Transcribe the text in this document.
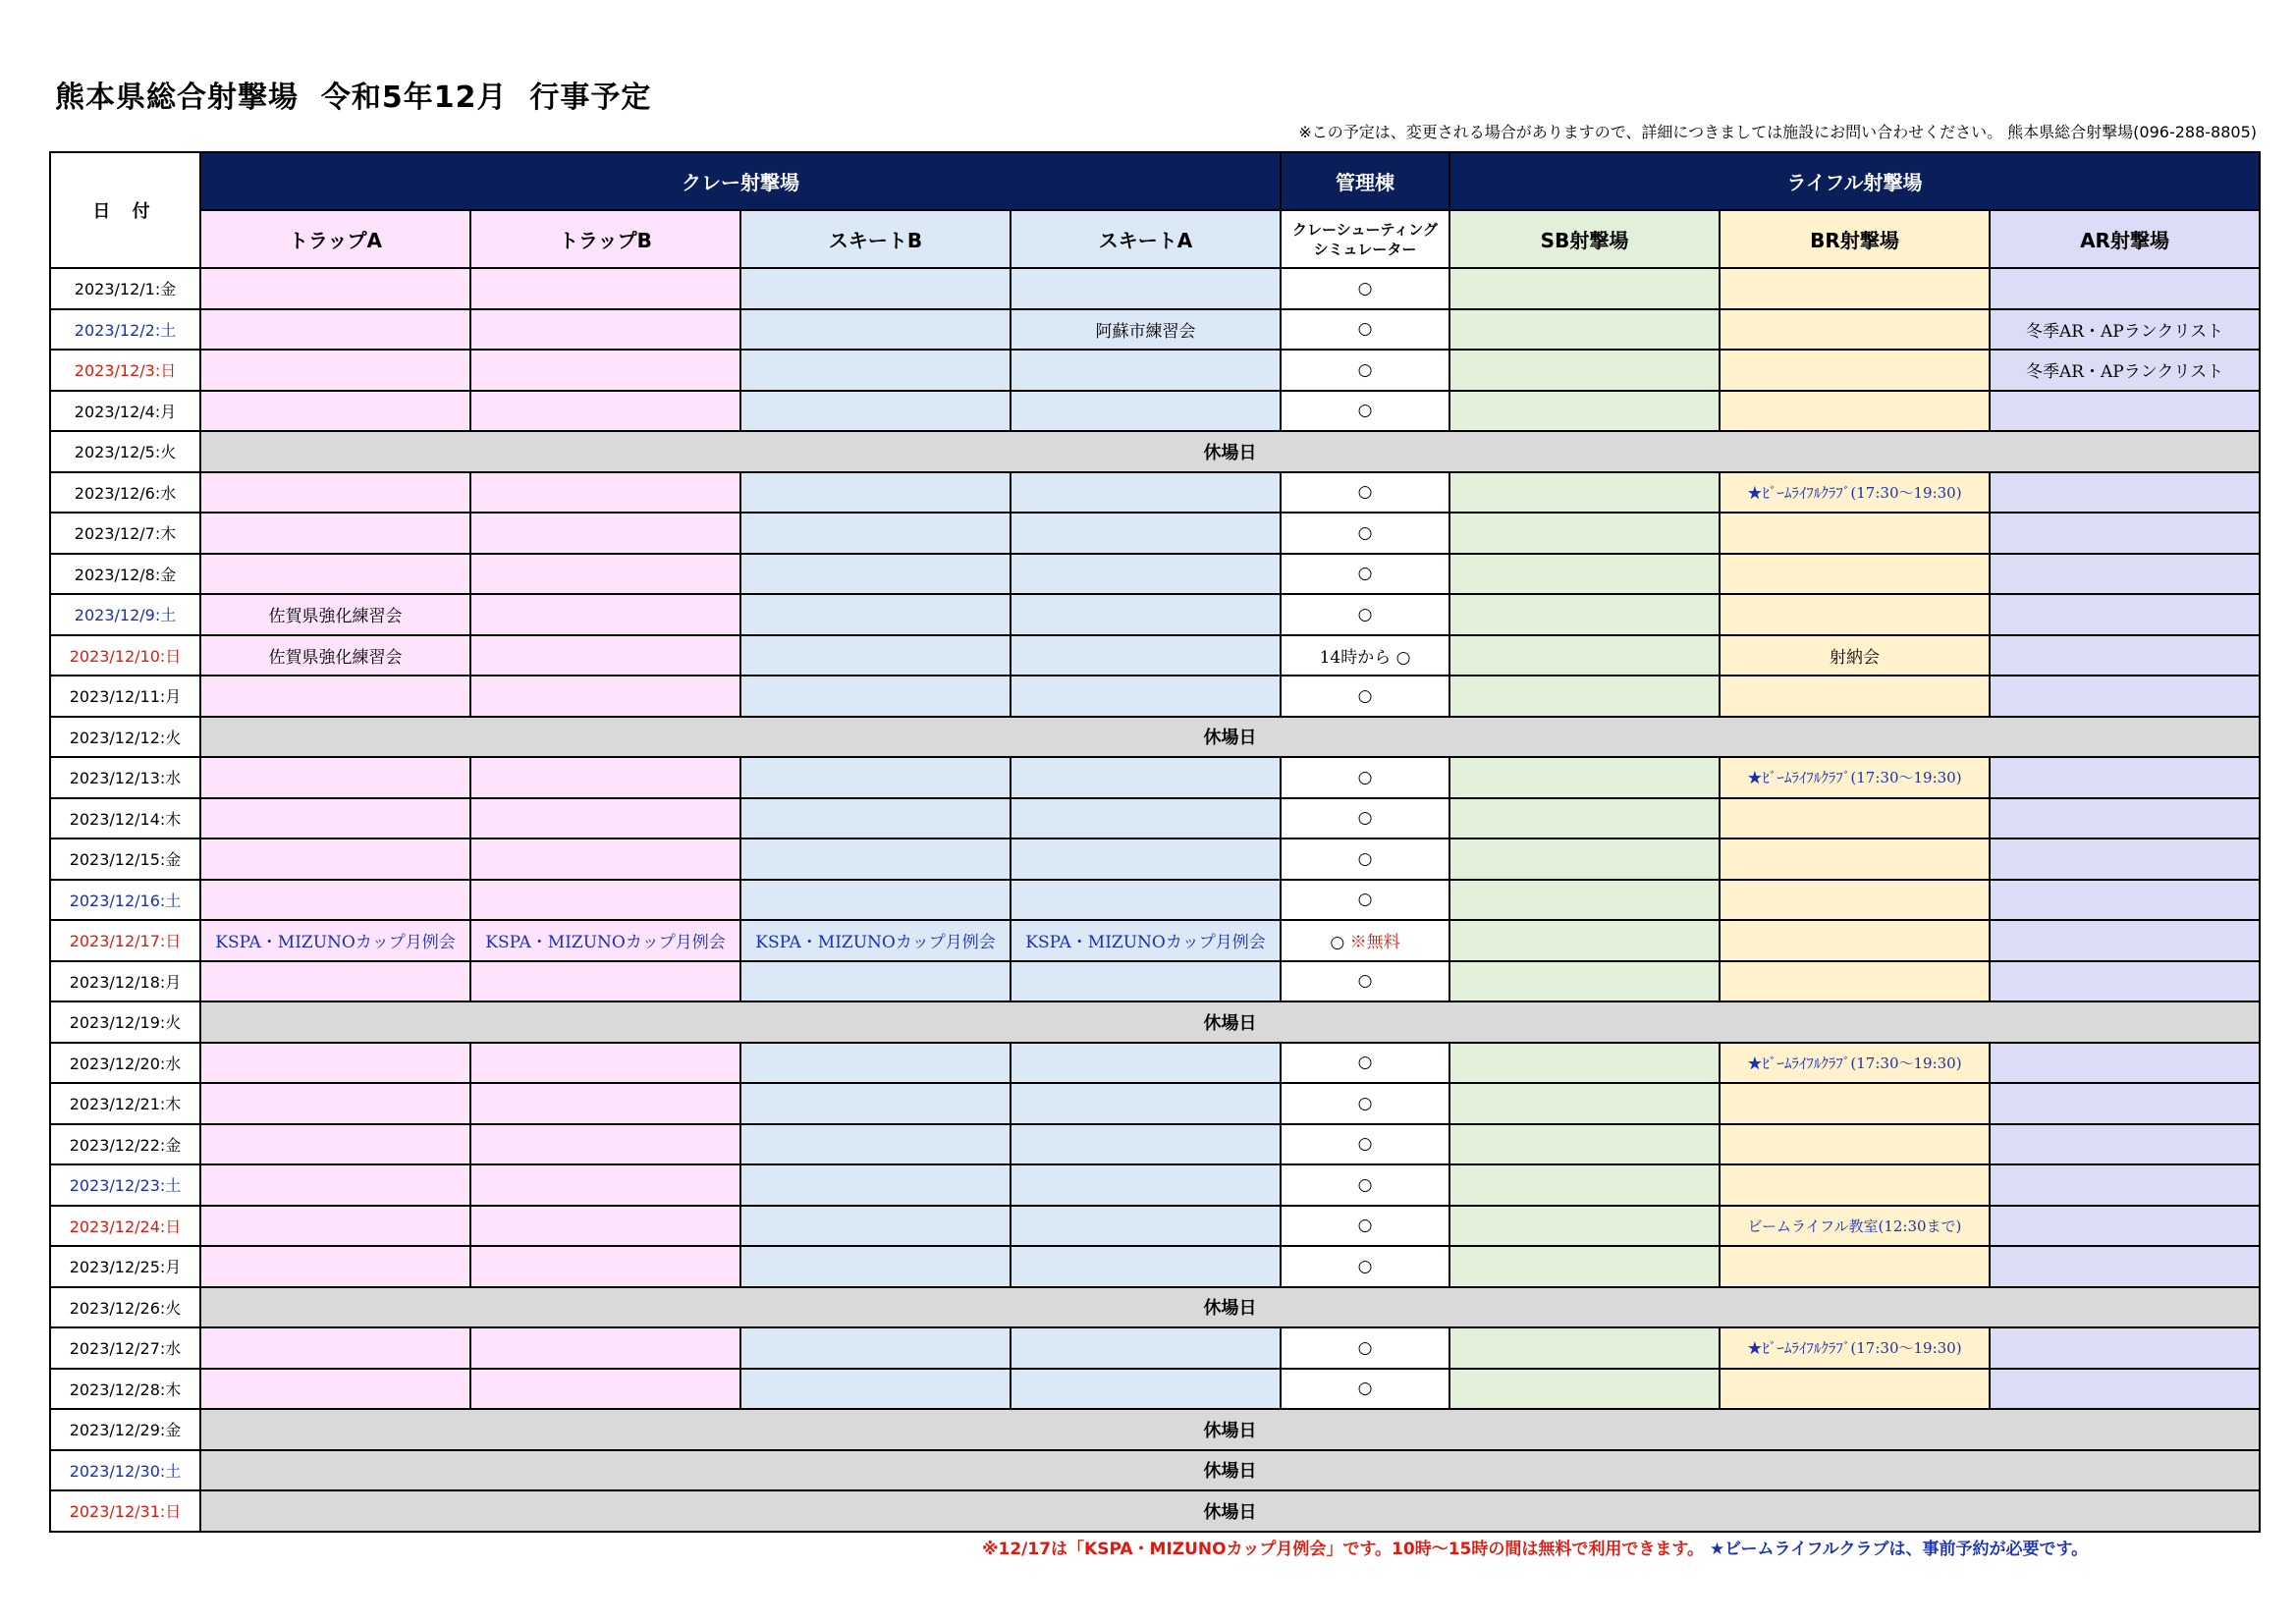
熊本県総合射撃場  令和5年12月  行事予定
※この予定は、変更される場合がありますので、詳細につきましては施設にお問い合わせください。 熊本県総合射撃場(096-288-8805)
日 付	クレー射撃場				管理棟	ライフル射撃場		
	トラップA	トラップB	スキートB	スキートA	クレーシューティング
シミュレーター	SB射撃場	BR射撃場	AR射撃場
2023/12/1:金					○			
2023/12/2:土				阿蘇市練習会	○			冬季AR・APランクリスト
2023/12/3:日					○			冬季AR・APランクリスト
2023/12/4:月					○			
2023/12/5:火	休場日							
2023/12/6:水					○		★ﾋﾞｰﾑﾗｲﾌﾙｸﾗﾌﾞ(17:30～19:30)	
2023/12/7:木					○			
2023/12/8:金					○			
2023/12/9:土	佐賀県強化練習会				○			
2023/12/10:日	佐賀県強化練習会				14時から ○		射納会	
2023/12/11:月					○			
2023/12/12:火	休場日							
2023/12/13:水					○		★ﾋﾞｰﾑﾗｲﾌﾙｸﾗﾌﾞ(17:30～19:30)	
2023/12/14:木					○			
2023/12/15:金					○			
2023/12/16:土					○			
2023/12/17:日	KSPA・MIZUNOカップ月例会	KSPA・MIZUNOカップ月例会	KSPA・MIZUNOカップ月例会	KSPA・MIZUNOカップ月例会	○ ※無料			
2023/12/18:月					○			
2023/12/19:火	休場日							
2023/12/20:水					○		★ﾋﾞｰﾑﾗｲﾌﾙｸﾗﾌﾞ(17:30～19:30)	
2023/12/21:木					○			
2023/12/22:金					○			
2023/12/23:土					○			
2023/12/24:日					○		ビームライフル教室(12:30まで)	
2023/12/25:月					○			
2023/12/26:火	休場日							
2023/12/27:水					○		★ﾋﾞｰﾑﾗｲﾌﾙｸﾗﾌﾞ(17:30～19:30)	
2023/12/28:木					○			
2023/12/29:金	休場日							
2023/12/30:土	休場日							
2023/12/31:日	休場日							
※12/17は「KSPA・MIZUNOカップ月例会」です。10時～15時の間は無料で利用できます。 ★ビームライフルクラブは、事前予約が必要です。
